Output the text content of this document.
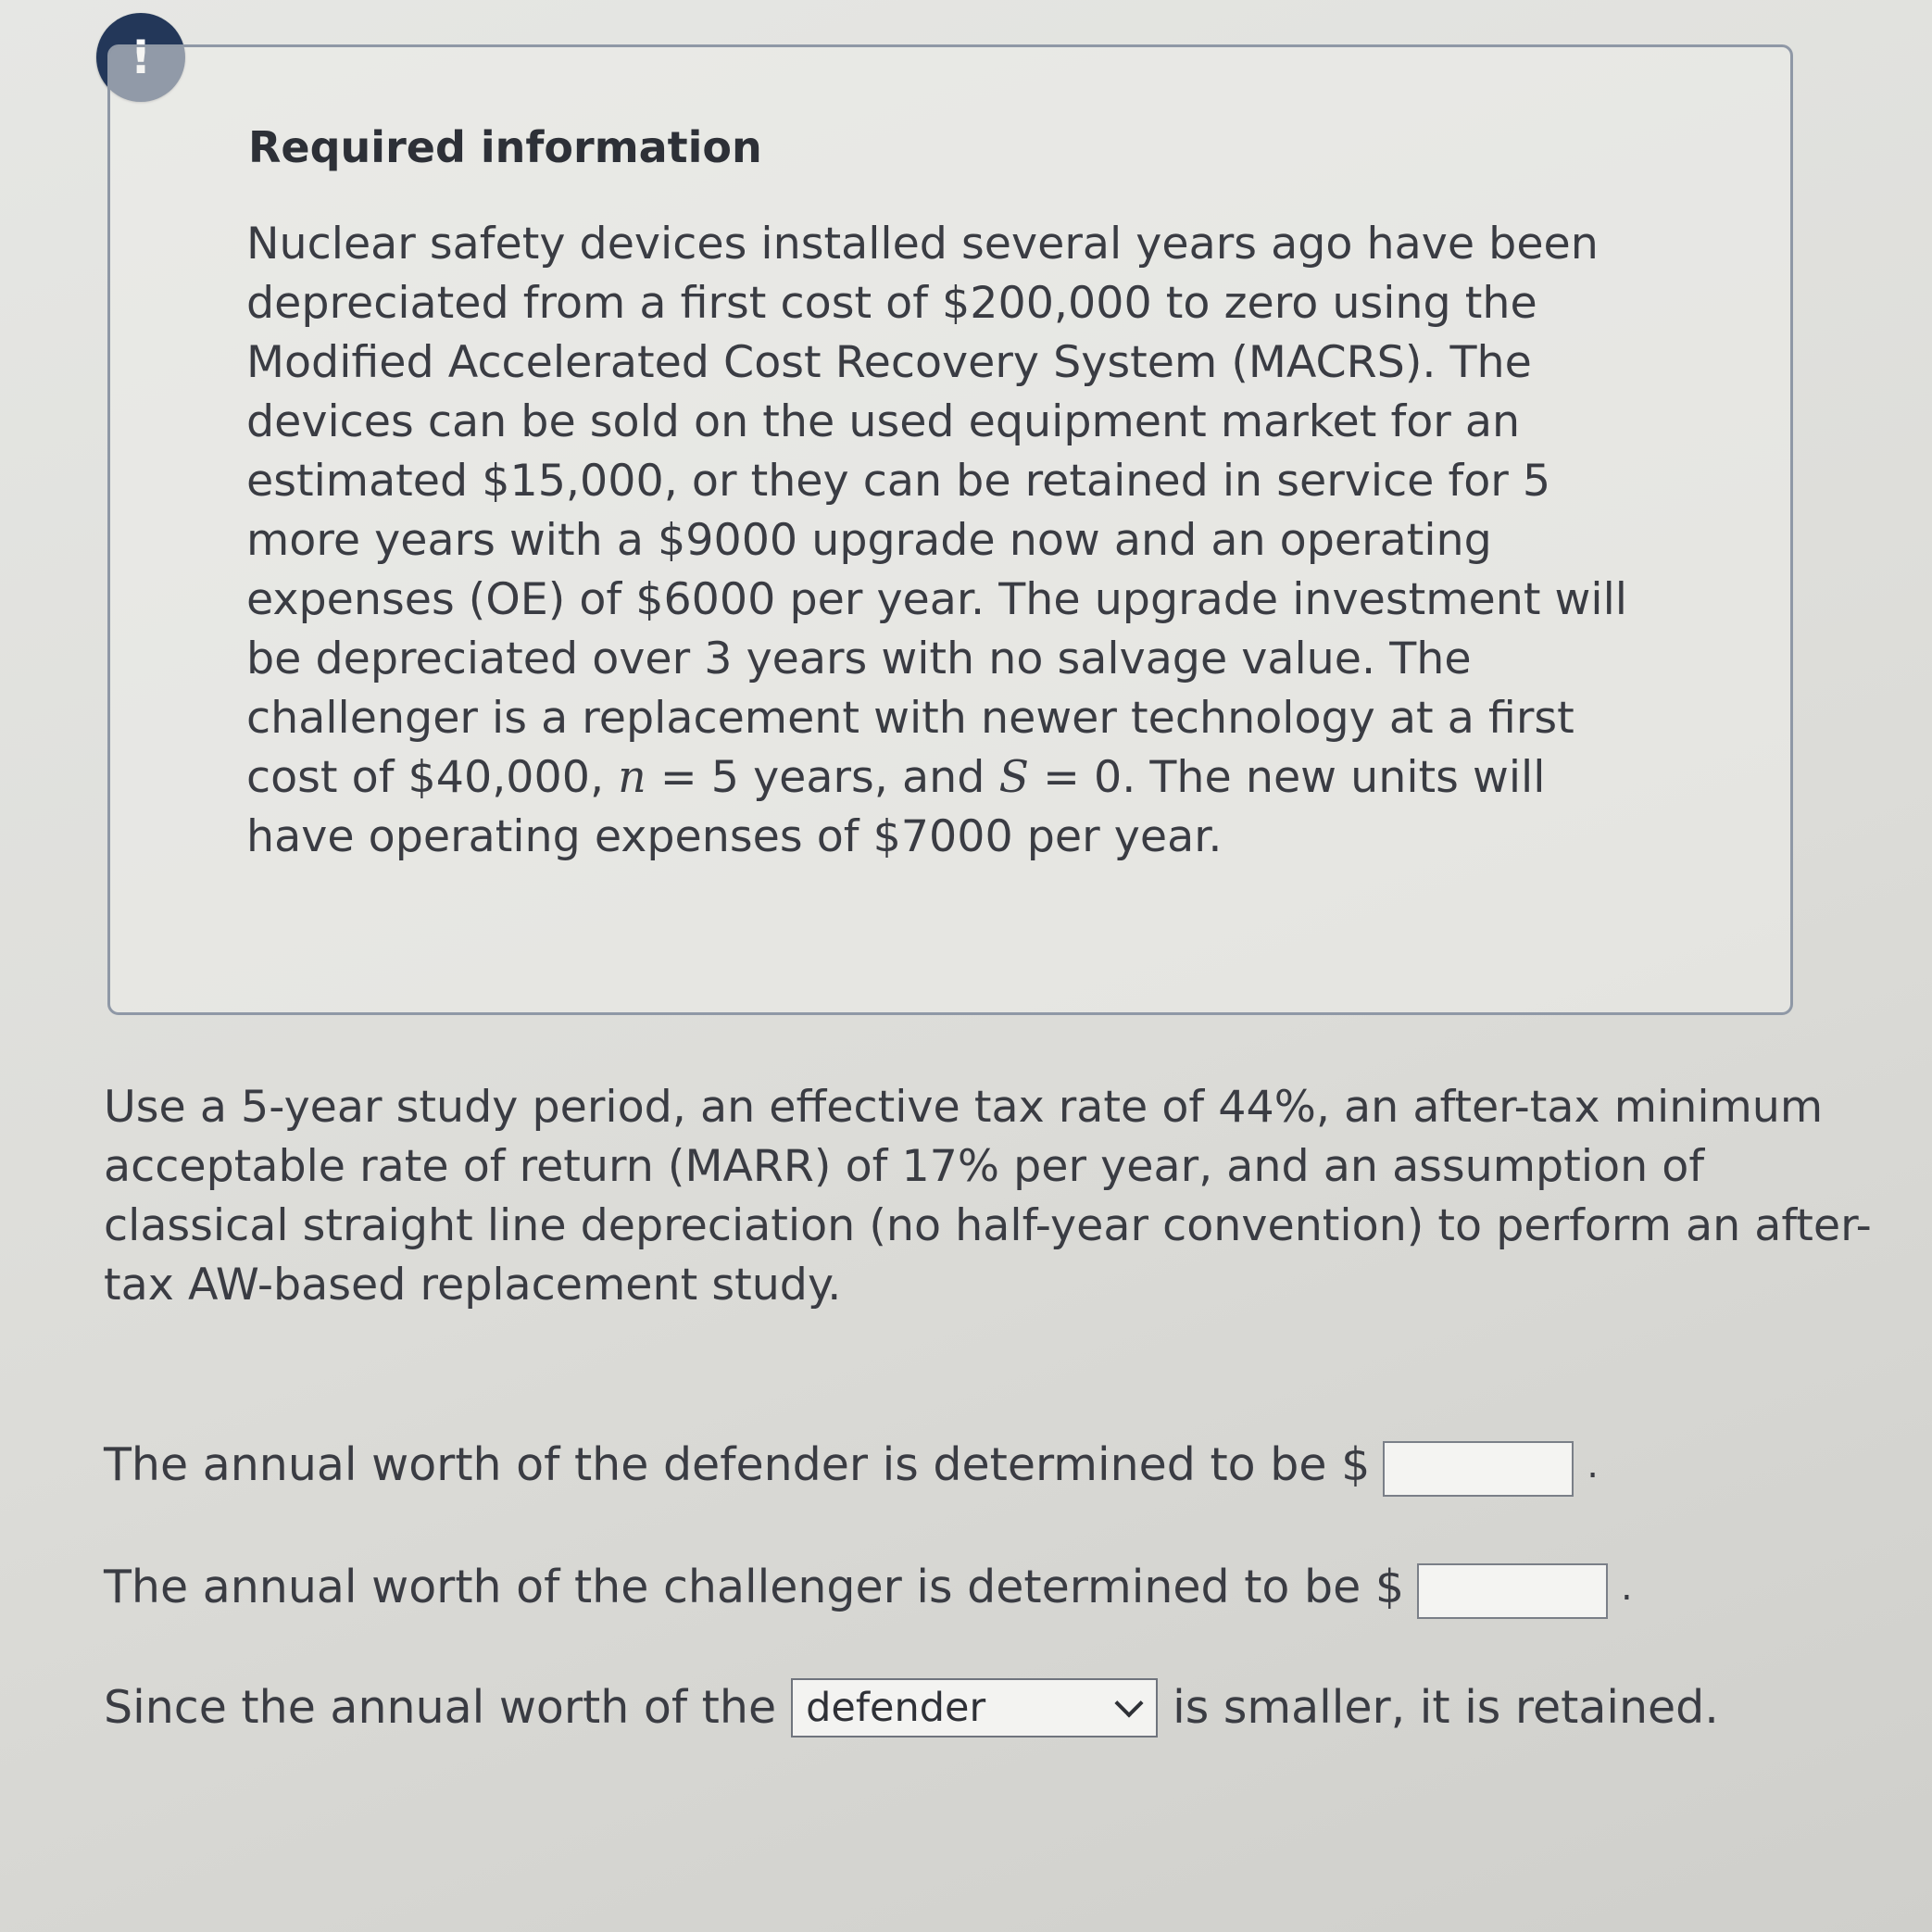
Required information
Nuclear safety devices installed several years ago have been
depreciated from a first cost of $200,000 to zero using the
Modified Accelerated Cost Recovery System (MACRS). The
devices can be sold on the used equipment market for an
estimated $15,000, or they can be retained in service for 5
more years with a $9000 upgrade now and an operating
expenses (OE) of $6000 per year. The upgrade investment will
be depreciated over 3 years with no salvage value. The
challenger is a replacement with newer technology at a first
cost of $40,000, n = 5 years, and S = 0. The new units will
have operating expenses of $7000 per year.
Use a 5-year study period, an effective tax rate of 44%, an after-tax minimum
acceptable rate of return (MARR) of 17% per year, and an assumption of
classical straight line depreciation (no half-year convention) to perform an after-
tax AW-based replacement study.
The annual worth of the defender is determined to be $	.
The annual worth of the challenger is determined to be $	.
Since the annual worth of the defender	is smaller, it is retained.
